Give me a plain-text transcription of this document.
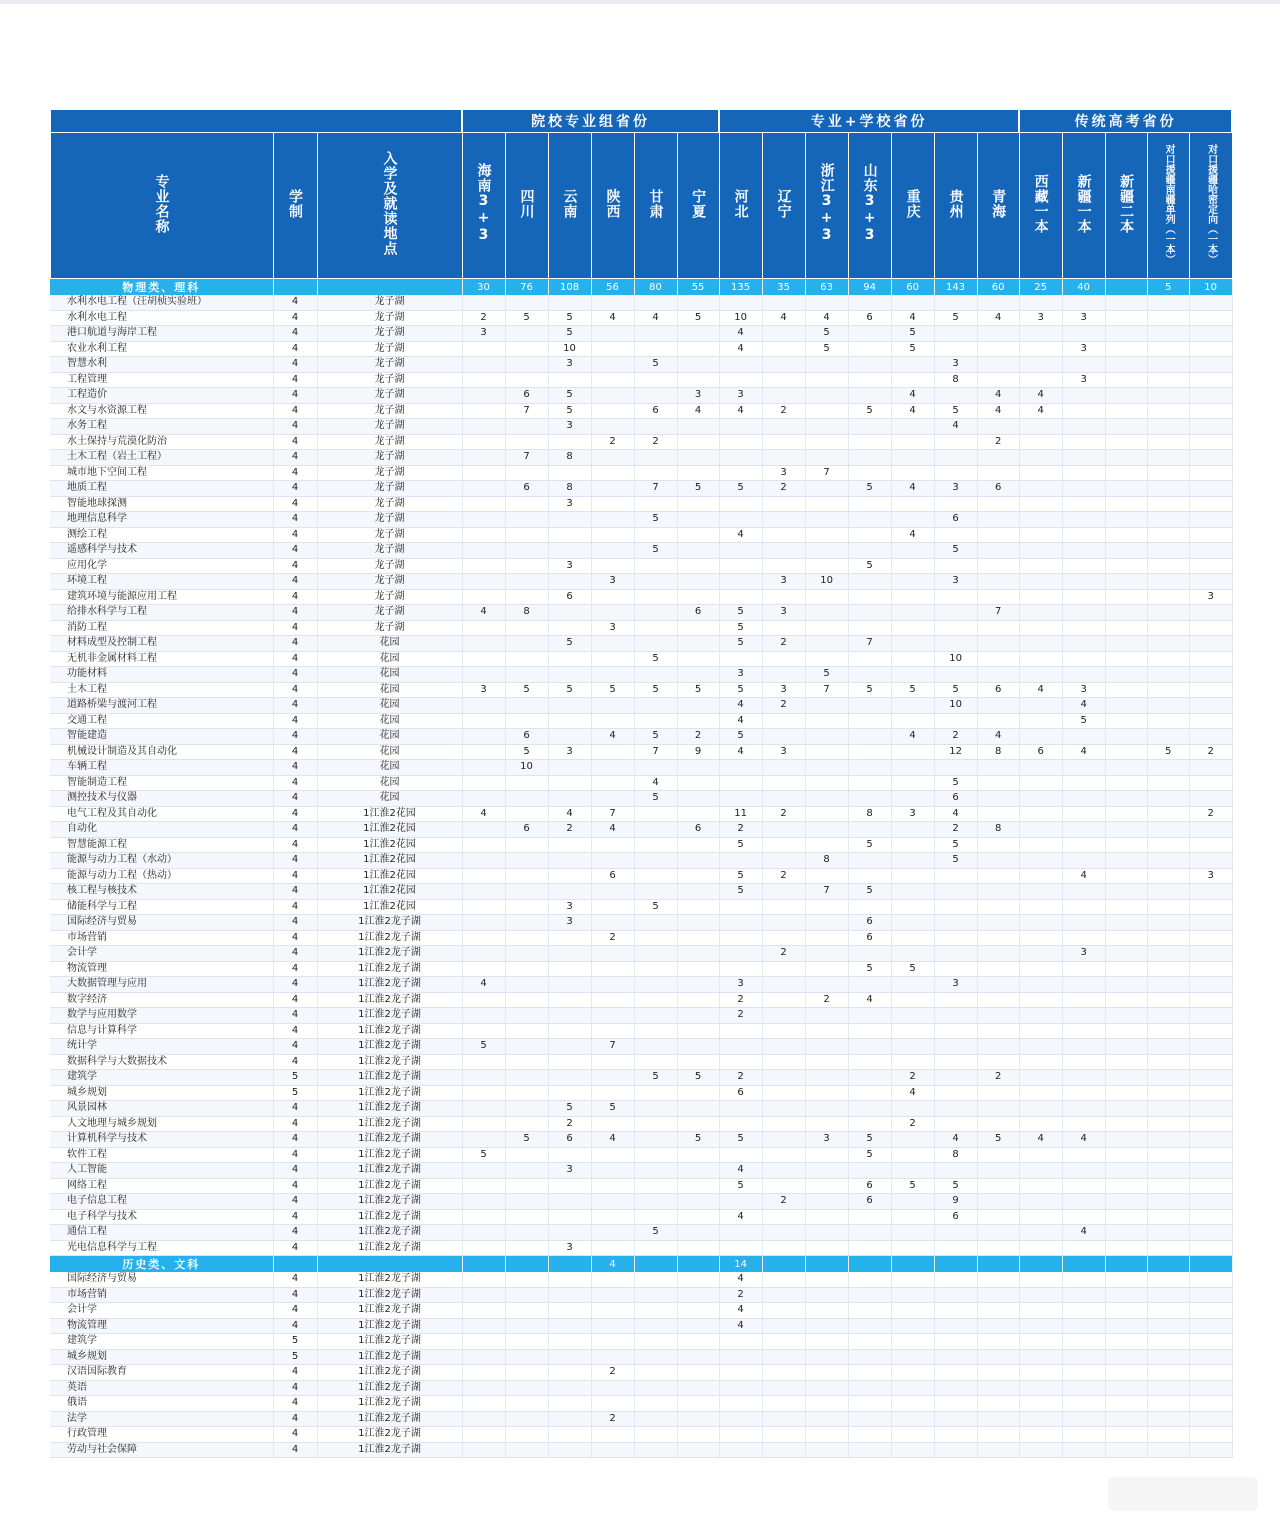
			院校专业组省份						专业+学校省份							传统高考省份				
专业名称	学制	入学及就读地点	海南3+3	四川	云南	陕西	甘肃	宁夏	河北	辽宁	浙江3+3	山东3+3	重庆	贵州	青海	西藏一本	新疆一本	新疆二本	对口援疆南疆单列（一本）	对口援疆哈密定向（一本）
物理类、理科			30	76	108	56	80	55	135	35	63	94	60	143	60	25	40		5	10
水利水电工程（汪胡桢实验班）	4	龙子湖																		
水利水电工程	4	龙子湖	2	5	5	4	4	5	10	4	4	6	4	5	4	3	3			
港口航道与海岸工程	4	龙子湖	3		5				4		5		5							
农业水利工程	4	龙子湖			10				4		5		5				3			
智慧水利	4	龙子湖			3		5							3						
工程管理	4	龙子湖												8			3			
工程造价	4	龙子湖		6	5			3	3				4		4	4				
水文与水资源工程	4	龙子湖		7	5		6	4	4	2		5	4	5	4	4				
水务工程	4	龙子湖			3									4						
水土保持与荒漠化防治	4	龙子湖				2	2								2					
土木工程（岩土工程）	4	龙子湖		7	8															
城市地下空间工程	4	龙子湖								3	7									
地质工程	4	龙子湖		6	8		7	5	5	2		5	4	3	6					
智能地球探测	4	龙子湖			3															
地理信息科学	4	龙子湖					5							6						
测绘工程	4	龙子湖							4				4							
遥感科学与技术	4	龙子湖					5							5						
应用化学	4	龙子湖			3							5								
环境工程	4	龙子湖				3				3	10			3						
建筑环境与能源应用工程	4	龙子湖			6															3
给排水科学与工程	4	龙子湖	4	8				6	5	3					7					
消防工程	4	龙子湖				3			5											
材料成型及控制工程	4	花园			5				5	2		7								
无机非金属材料工程	4	花园					5							10						
功能材料	4	花园							3		5									
土木工程	4	花园	3	5	5	5	5	5	5	3	7	5	5	5	6	4	3			
道路桥梁与渡河工程	4	花园							4	2				10			4			
交通工程	4	花园							4								5			
智能建造	4	花园		6		4	5	2	5				4	2	4					
机械设计制造及其自动化	4	花园		5	3		7	9	4	3				12	8	6	4		5	2
车辆工程	4	花园		10																
智能制造工程	4	花园					4							5						
测控技术与仪器	4	花园					5							6						
电气工程及其自动化	4	1江淮2花园	4		4	7			11	2		8	3	4						2
自动化	4	1江淮2花园		6	2	4		6	2					2	8					
智慧能源工程	4	1江淮2花园							5			5		5						
能源与动力工程（水动）	4	1江淮2花园									8			5						
能源与动力工程（热动）	4	1江淮2花园				6			5	2							4			3
核工程与核技术	4	1江淮2花园							5		7	5								
储能科学与工程	4	1江淮2花园			3		5													
国际经济与贸易	4	1江淮2龙子湖			3							6								
市场营销	4	1江淮2龙子湖				2						6								
会计学	4	1江淮2龙子湖								2							3			
物流管理	4	1江淮2龙子湖										5	5							
大数据管理与应用	4	1江淮2龙子湖	4						3					3						
数字经济	4	1江淮2龙子湖							2		2	4								
数学与应用数学	4	1江淮2龙子湖							2											
信息与计算科学	4	1江淮2龙子湖																		
统计学	4	1江淮2龙子湖	5			7														
数据科学与大数据技术	4	1江淮2龙子湖																		
建筑学	5	1江淮2龙子湖					5	5	2				2		2					
城乡规划	5	1江淮2龙子湖							6				4							
风景园林	4	1江淮2龙子湖			5	5														
人文地理与城乡规划	4	1江淮2龙子湖			2								2							
计算机科学与技术	4	1江淮2龙子湖		5	6	4		5	5		3	5		4	5	4	4			
软件工程	4	1江淮2龙子湖	5									5		8						
人工智能	4	1江淮2龙子湖			3				4											
网络工程	4	1江淮2龙子湖							5			6	5	5						
电子信息工程	4	1江淮2龙子湖								2		6		9						
电子科学与技术	4	1江淮2龙子湖							4					6						
通信工程	4	1江淮2龙子湖					5										4			
光电信息科学与工程	4	1江淮2龙子湖			3															
历史类、文科						4			14											
国际经济与贸易	4	1江淮2龙子湖							4											
市场营销	4	1江淮2龙子湖							2											
会计学	4	1江淮2龙子湖							4											
物流管理	4	1江淮2龙子湖							4											
建筑学	5	1江淮2龙子湖																		
城乡规划	5	1江淮2龙子湖																		
汉语国际教育	4	1江淮2龙子湖				2														
英语	4	1江淮2龙子湖																		
俄语	4	1江淮2龙子湖																		
法学	4	1江淮2龙子湖				2														
行政管理	4	1江淮2龙子湖																		
劳动与社会保障	4	1江淮2龙子湖																		
